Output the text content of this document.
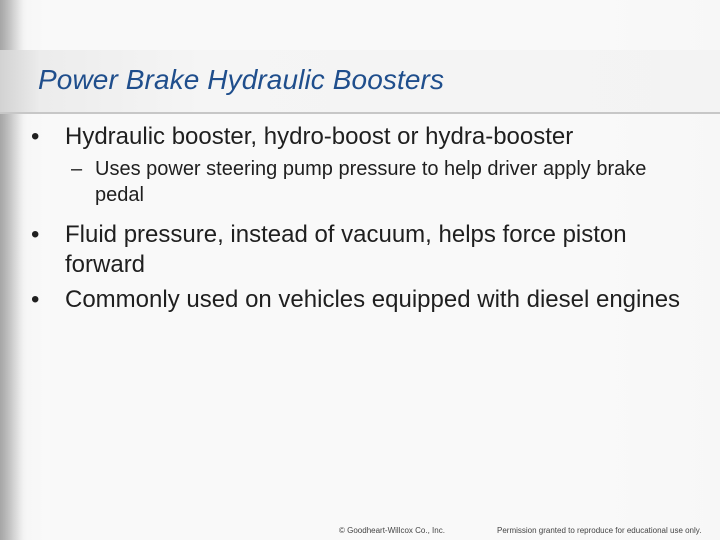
Power Brake Hydraulic Boosters
•	Hydraulic booster, hydro-boost or hydra-booster
– Uses power steering pump pressure to help driver apply brake pedal
•	Fluid pressure, instead of vacuum, helps force piston forward
•	Commonly used on vehicles equipped with diesel engines
© Goodheart-Willcox Co., Inc.	Permission granted to reproduce for educational use only.
